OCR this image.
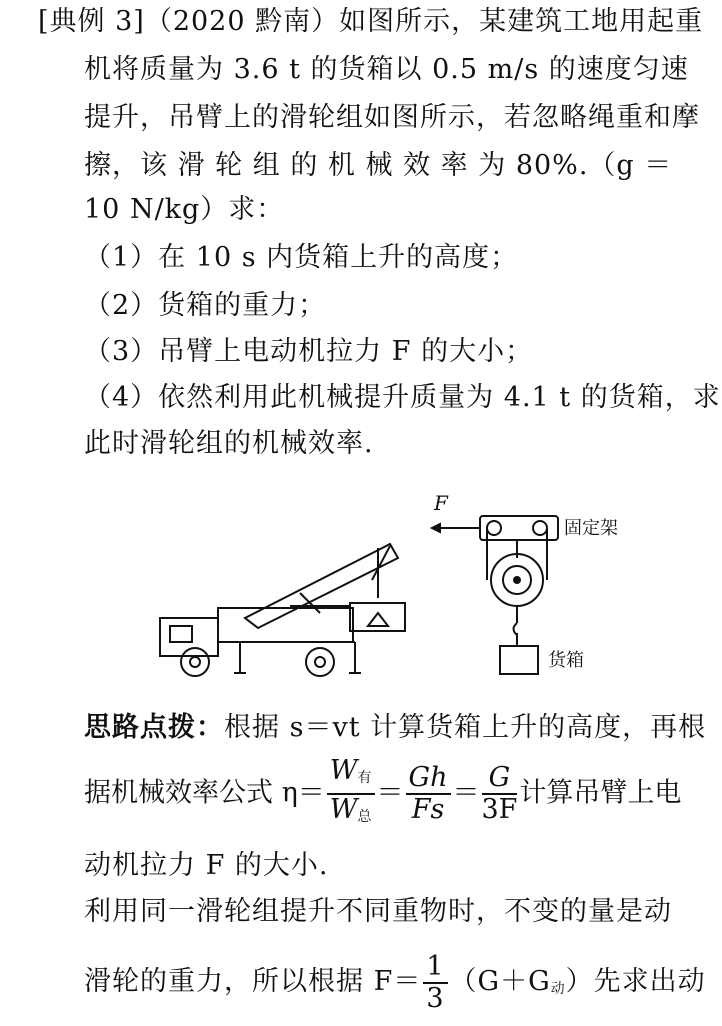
[典例 3]（2020 黔南）如图所示，某建筑工地用起重
机将质量为 3.6 t 的货箱以 0.5 m/s 的速度匀速
提升，吊臂上的滑轮组如图所示，若忽略绳重和摩
擦，该 滑 轮 组 的 机 械 效 率 为 80%.（g ＝
10 N/kg）求：
（1）在 10 s 内货箱上升的高度；
（2）货箱的重力；
（3）吊臂上电动机拉力 F 的大小；
（4）依然利用此机械提升质量为 4.1 t 的货箱，求
此时滑轮组的机械效率.
F
固定架
货箱
思路点拨：根据 s＝vt 计算货箱上升的高度，再根
据机械效率公式 $\eta= \frac{W_有}{W_总} = \frac{Gh}{Fs} = \frac{G}{3F}$ 计算吊臂上电
动机拉力 F 的大小.
利用同一滑轮组提升不同重物时，不变的量是动
滑轮的重力，所以根据 $F= \frac{1}{3} (G+G_动)$先求出动
